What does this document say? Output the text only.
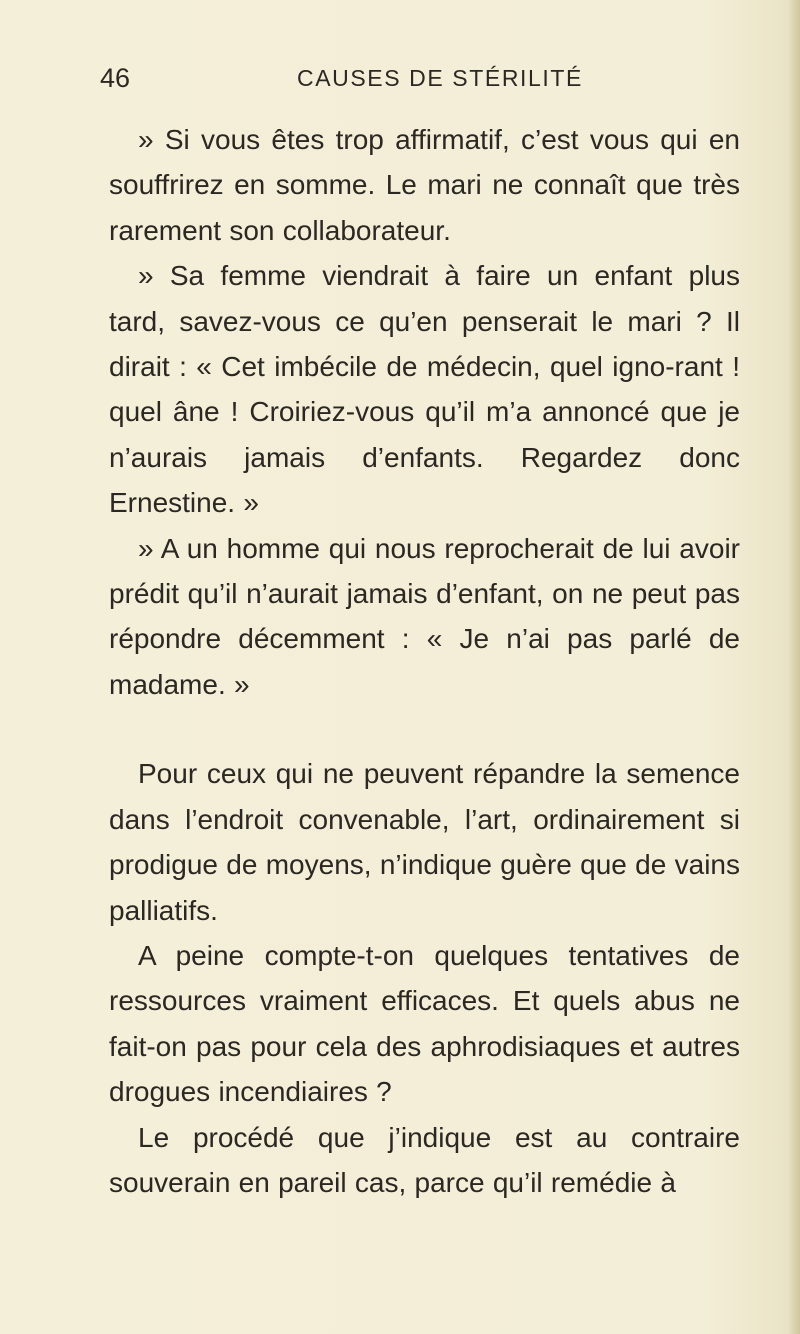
46	CAUSES DE STÉRILITÉ

» Si vous êtes trop affirmatif, c’est vous qui en souffrirez en somme. Le mari ne connaît que très rarement son collaborateur.

» Sa femme viendrait à faire un enfant plus tard, savez-vous ce qu’en penserait le mari ? Il dirait : « Cet imbécile de médecin, quel igno-rant ! quel âne ! Croiriez-vous qu’il m’a annoncé que je n’aurais jamais d’enfants. Regardez donc Ernestine. »

» A un homme qui nous reprocherait de lui avoir prédit qu’il n’aurait jamais d’enfant, on ne peut pas répondre décemment : « Je n’ai pas parlé de madame. »

Pour ceux qui ne peuvent répandre la semence dans l’endroit convenable, l’art, ordinairement si prodigue de moyens, n’indique guère que de vains palliatifs.

A peine compte-t-on quelques tentatives de ressources vraiment efficaces. Et quels abus ne fait-on pas pour cela des aphrodisiaques et autres drogues incendiaires ?

Le procédé que j’indique est au contraire souverain en pareil cas, parce qu’il remédie à
